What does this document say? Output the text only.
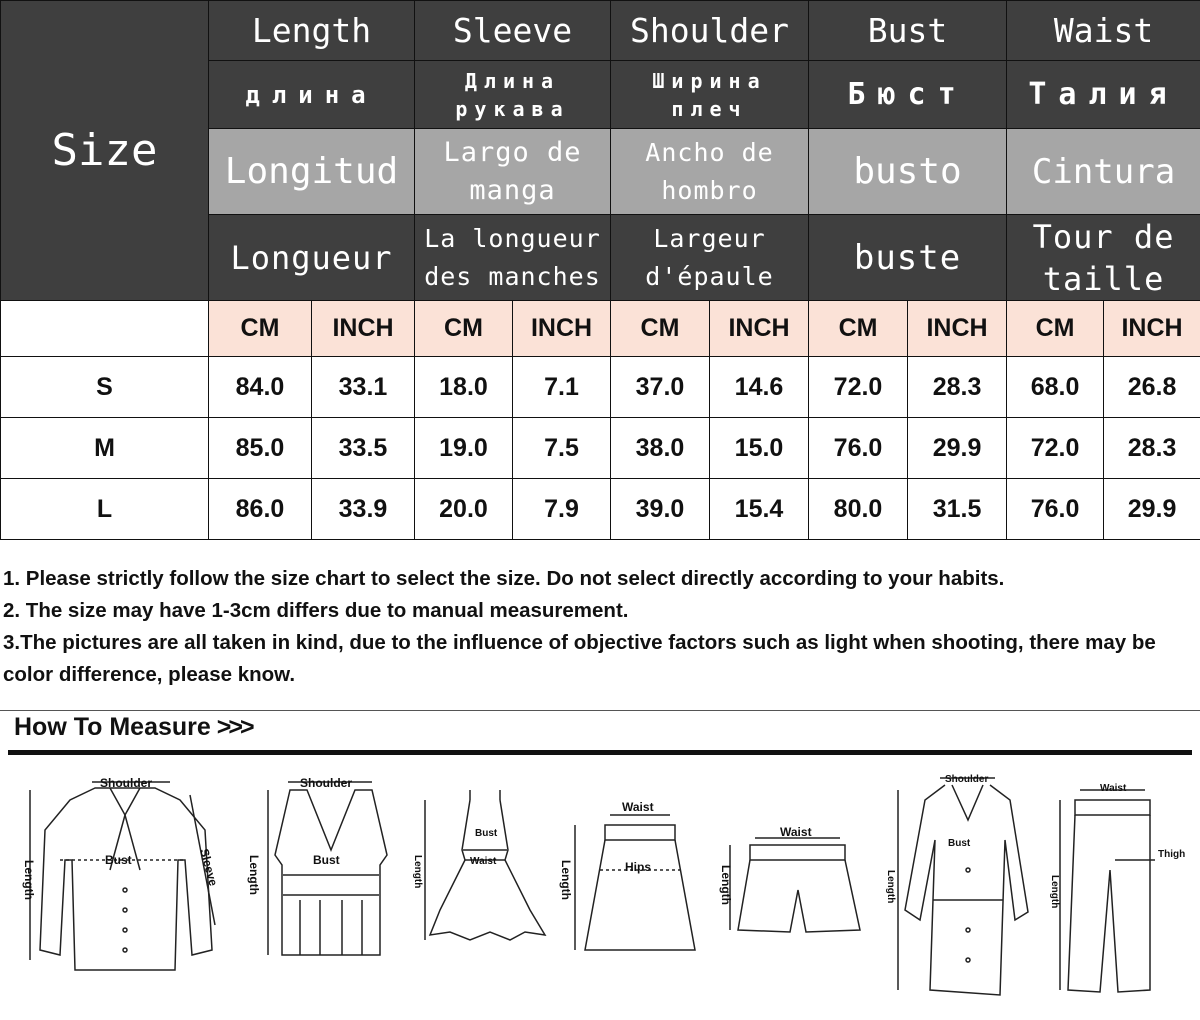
Size	Length		Sleeve		Shoulder		Bust		Waist	
	длина		Длина рукава		Ширина плеч		Бюст		Талия	
	Longitud		Largo de manga		Ancho de hombro		busto		Cintura	
	Longueur		La longueur des manches		Largeur d'épaule		buste		Tour de taille	
	CM	INCH	CM	INCH	CM	INCH	CM	INCH	CM	INCH
S	84.0	33.1	18.0	7.1	37.0	14.6	72.0	28.3	68.0	26.8
M	85.0	33.5	19.0	7.5	38.0	15.0	76.0	29.9	72.0	28.3
L	86.0	33.9	20.0	7.9	39.0	15.4	80.0	31.5	76.0	29.9

1. Please strictly follow the size chart to select the size. Do not select directly according to your habits.

2. The size may have 1-3cm differs due to manual measurement.

3.The pictures are all taken in kind, due to the influence of objective factors such as light when shooting, there may be color difference, please know.

How To Measure >>>
Shoulder
Bust	Sleeve
Length
Shoulder
Bust
Length
Bust
Waist
Length
Waist
Hips
Length
Waist
Length
Shoulder
Bust
Length
Waist
Thigh
Length
